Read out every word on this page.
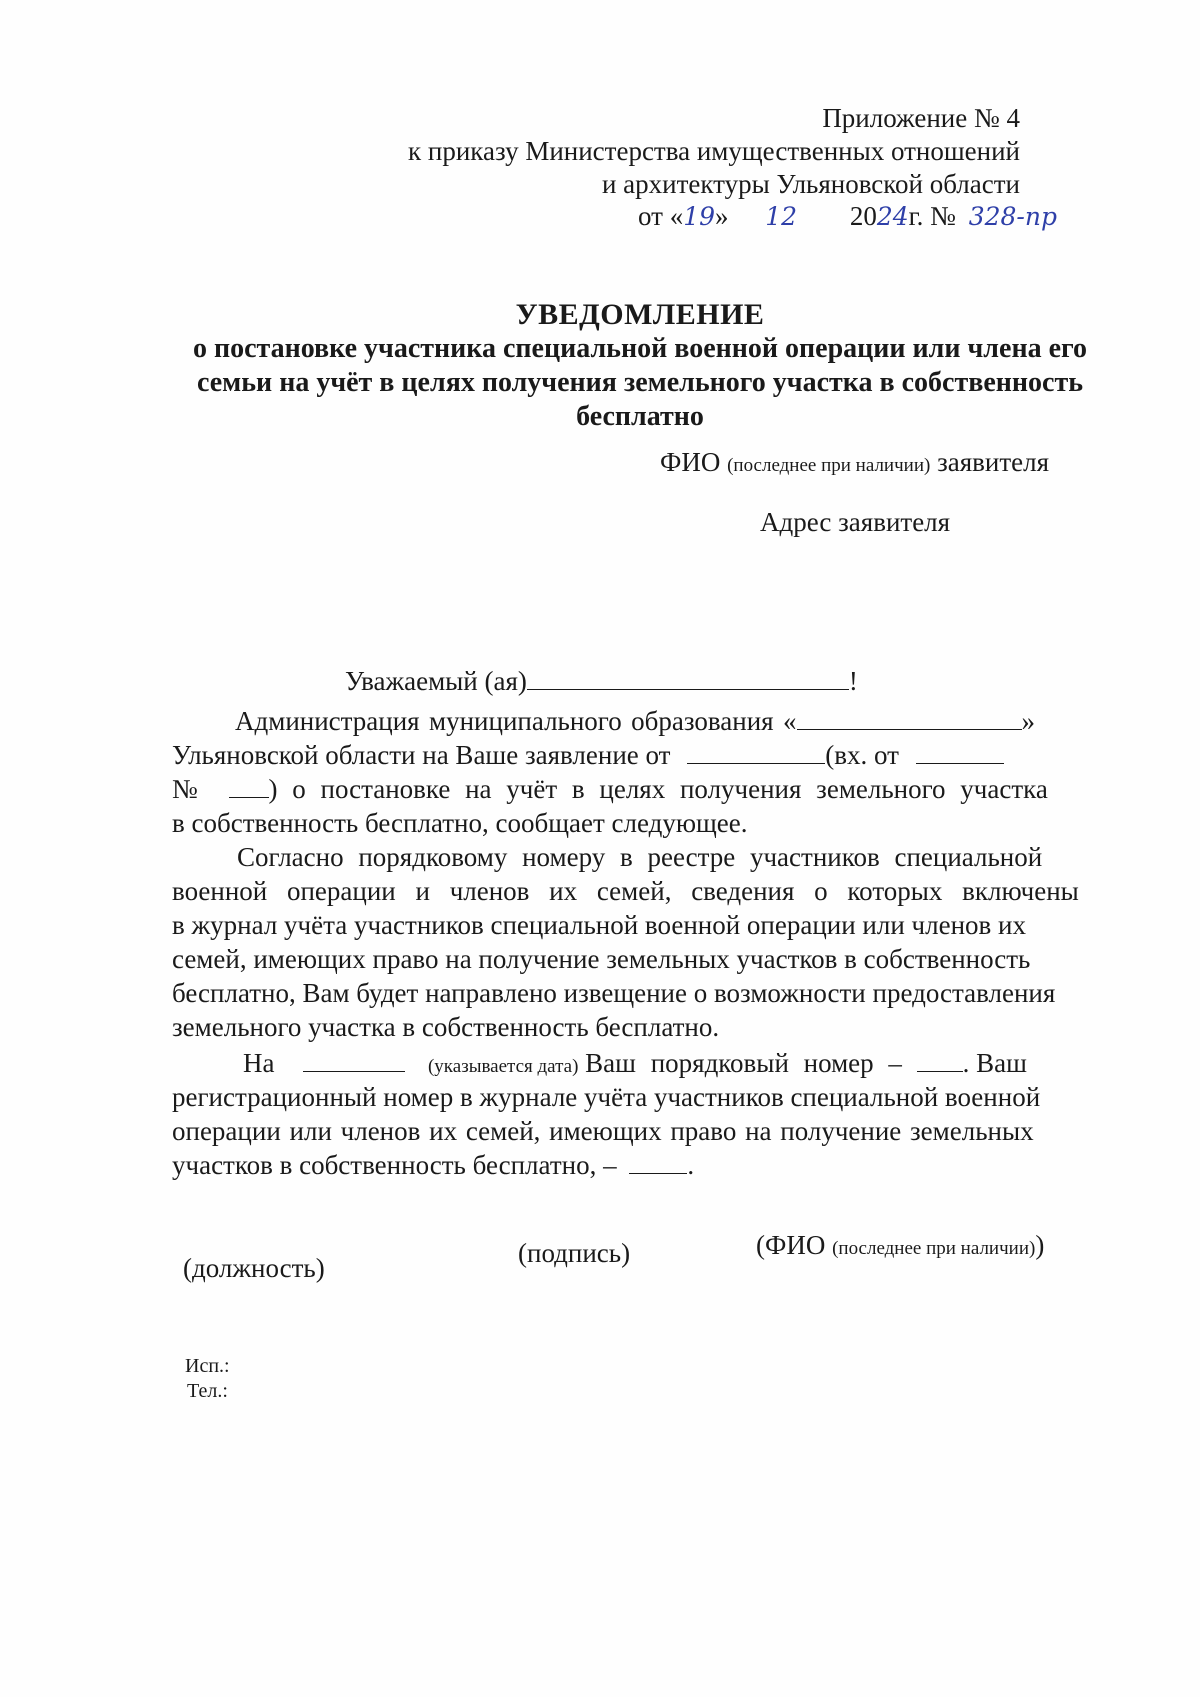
Приложение № 4
к приказу Министерства имущественных отношений
и архитектуры Ульяновской области
от «19» 12 2024г. № 328-пр
УВЕДОМЛЕНИЕ
о постановке участника специальной военной операции или члена его
семьи на учёт в целях получения земельного участка в собственность
бесплатно
ФИО (последнее при наличии) заявителя
Адрес заявителя
Уважаемый (ая)	!
Администрация муниципального образования «	»
Ульяновской области на Ваше заявление от	(вх. от
№	) о постановке на учёт в целях получения земельного участка
в собственность бесплатно, сообщает следующее.
Согласно порядковому номеру в реестре участников специальной
военной операции и членов их семей, сведения о которых включены
в журнал учёта участников специальной военной операции или членов их
семей, имеющих право на получение земельных участков в собственность
бесплатно, Вам будет направлено извещение о возможности предоставления
земельного участка в собственность бесплатно.
На	(указывается дата) Ваш порядковый номер – . Ваш
регистрационный номер в журнале учёта участников специальной военной
операции или членов их семей, имеющих право на получение земельных
участков в собственность бесплатно, –	.
(должность)	(подпись)	(ФИО (последнее при наличии))
Исп.:
Тел.:
